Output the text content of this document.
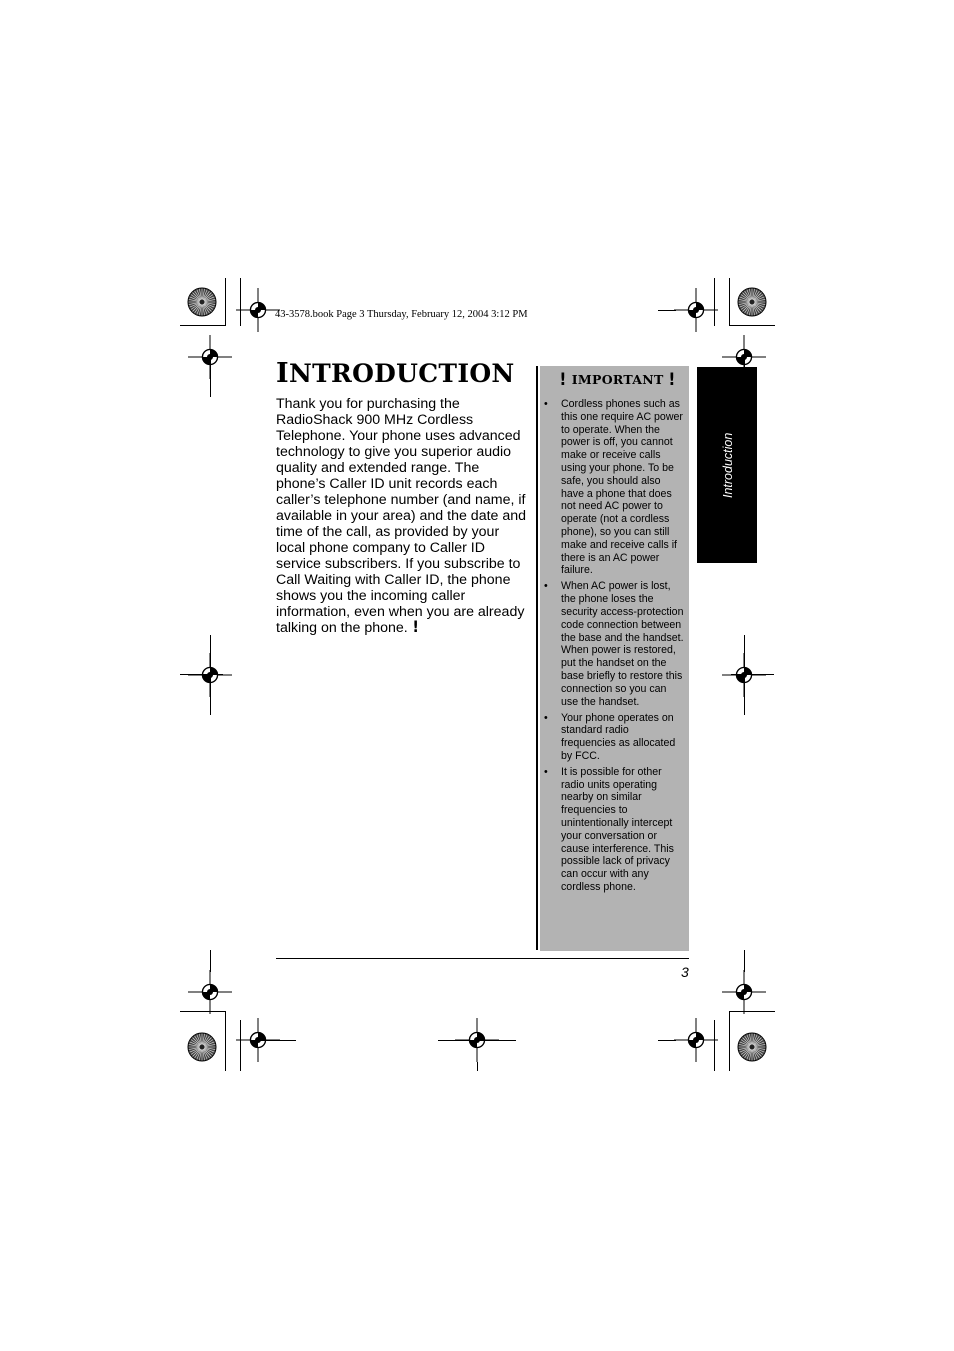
43-3578.book Page 3 Thursday, February 12, 2004 3:12 PM
INTRODUCTION

Thank you for purchasing the RadioShack 900 MHz Cordless Telephone. Your phone uses advanced technology to give you superior audio quality and extended range. The phone’s Caller ID unit records each caller’s telephone number (and name, if available in your area) and the date and time of the call, as provided by your local phone company to Caller ID service subscribers. If you subscribe to Call Waiting with Caller ID, the phone shows you the incoming caller information, even when you are already talking on the phone. !

! IMPORTANT !
• Cordless phones such as this one require AC power to operate. When the power is off, you cannot make or receive calls using your phone. To be safe, you should also have a phone that does not need AC power to operate (not a cordless phone), so you can still make and receive calls if there is an AC power failure.
• When AC power is lost, the phone loses the security access-protection code connection between the base and the handset. When power is restored, put the handset on the base briefly to restore this connection so you can use the handset.
• Your phone operates on standard radio frequencies as allocated by FCC.
• It is possible for other radio units operating nearby on similar frequencies to unintentionally intercept your conversation or cause interference. This possible lack of privacy can occur with any cordless phone.
Introduction
3
